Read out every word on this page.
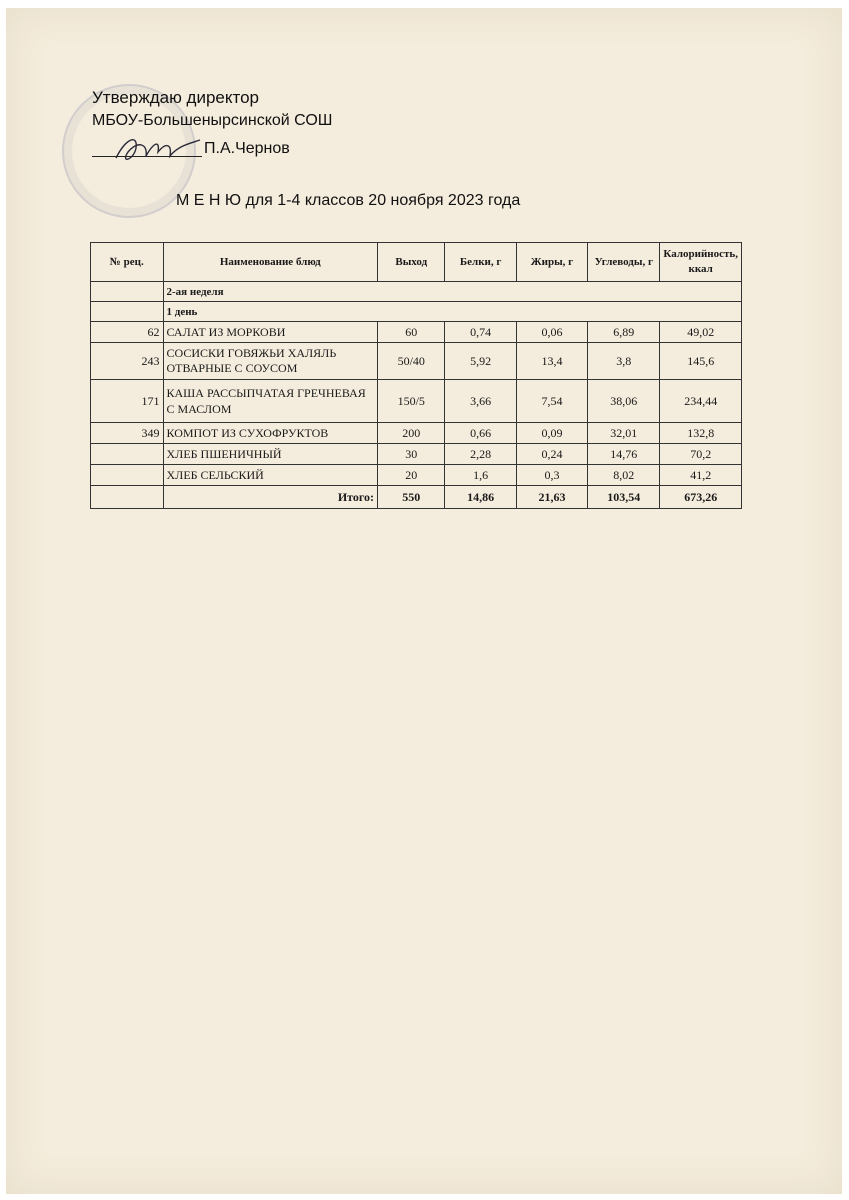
Утверждаю директор
МБОУ-Большенырсинской СОШ
П.А.Чернов
М Е Н Ю для 1-4 классов 20 ноября 2023 года
№ рец.	Наименование блюд	Выход	Белки, г	Жиры, г	Углеводы, г	Калорийность, ккал
	2-ая неделя					
	1 день					
62	САЛАТ ИЗ МОРКОВИ	60	0,74	0,06	6,89	49,02
243	СОСИСКИ ГОВЯЖЬИ ХАЛЯЛЬ ОТВАРНЫЕ С СОУСОМ	50/40	5,92	13,4	3,8	145,6
171	КАША РАССЫПЧАТАЯ ГРЕЧНЕВАЯ С МАСЛОМ	150/5	3,66	7,54	38,06	234,44
349	КОМПОТ ИЗ СУХОФРУКТОВ	200	0,66	0,09	32,01	132,8
	ХЛЕБ ПШЕНИЧНЫЙ	30	2,28	0,24	14,76	70,2
	ХЛЕБ СЕЛЬСКИЙ	20	1,6	0,3	8,02	41,2
	Итого:	550	14,86	21,63	103,54	673,26
